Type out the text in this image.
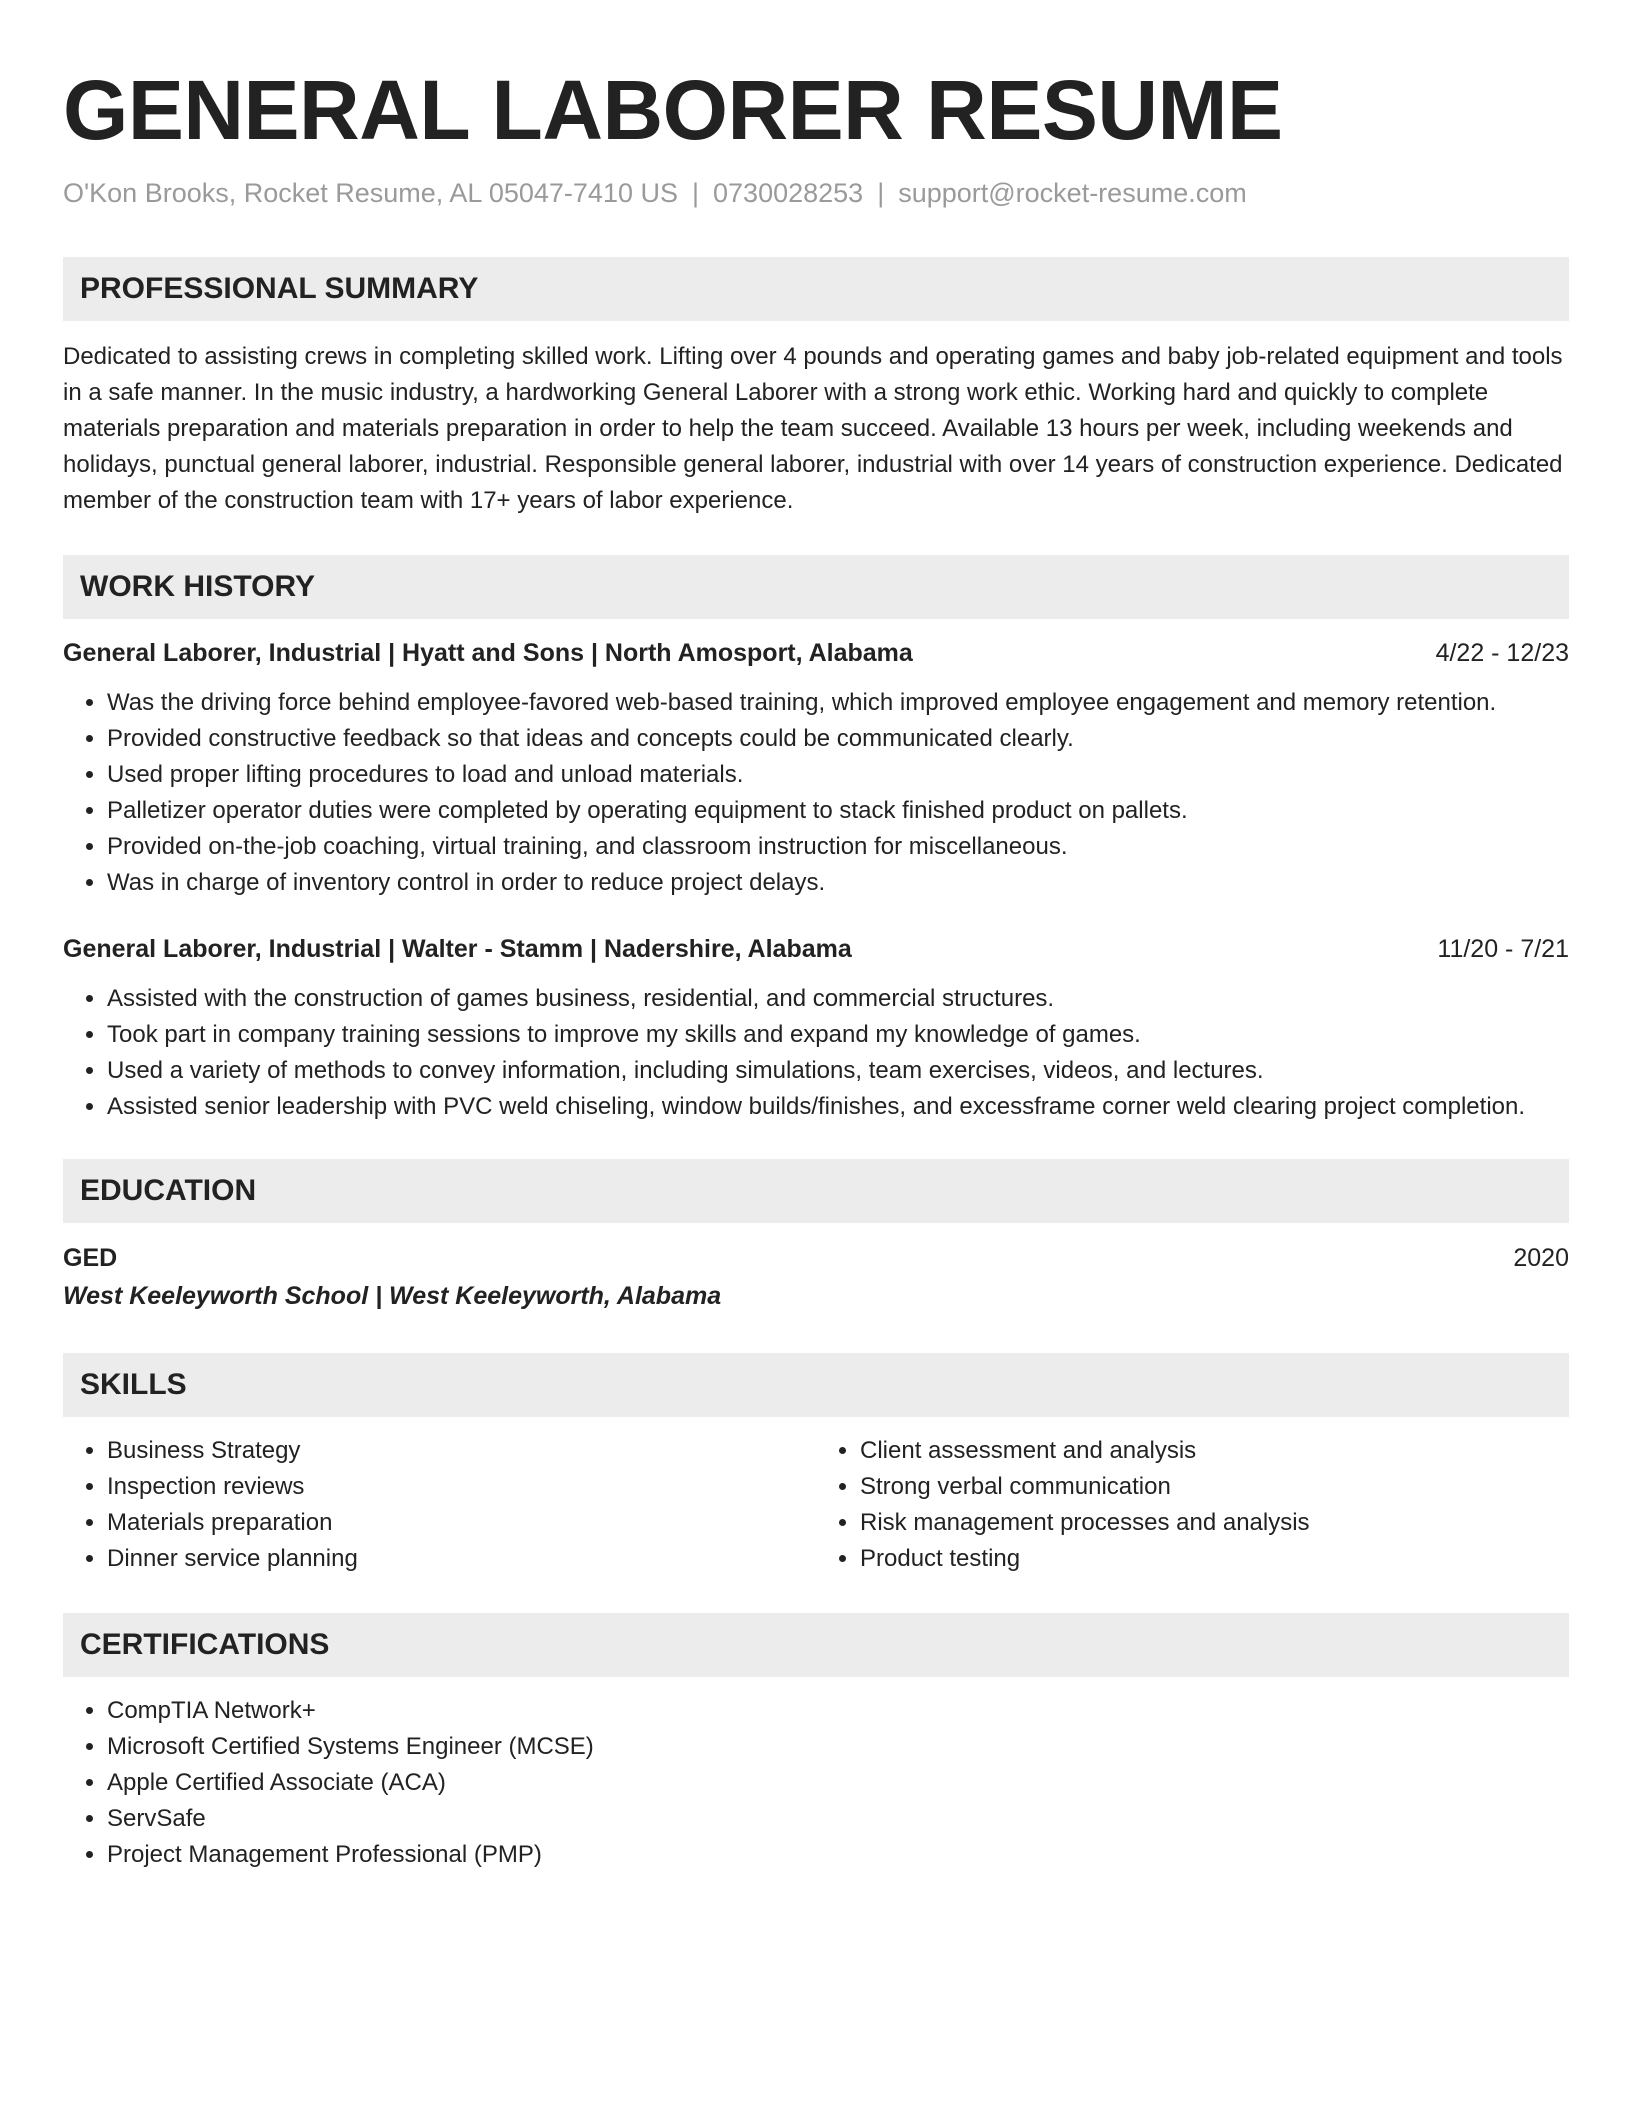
GENERAL LABORER RESUME
O'Kon Brooks, Rocket Resume, AL 05047-7410 US | 0730028253 | support@rocket-resume.com
PROFESSIONAL SUMMARY
Dedicated to assisting crews in completing skilled work. Lifting over 4 pounds and operating games and baby job-related equipment and tools in a safe manner. In the music industry, a hardworking General Laborer with a strong work ethic. Working hard and quickly to complete materials preparation and materials preparation in order to help the team succeed. Available 13 hours per week, including weekends and holidays, punctual general laborer, industrial. Responsible general laborer, industrial with over 14 years of construction experience. Dedicated member of the construction team with 17+ years of labor experience.
WORK HISTORY
General Laborer, Industrial | Hyatt and Sons | North Amosport, Alabama	4/22 - 12/23
• Was the driving force behind employee-favored web-based training, which improved employee engagement and memory retention.
• Provided constructive feedback so that ideas and concepts could be communicated clearly.
• Used proper lifting procedures to load and unload materials.
• Palletizer operator duties were completed by operating equipment to stack finished product on pallets.
• Provided on-the-job coaching, virtual training, and classroom instruction for miscellaneous.
• Was in charge of inventory control in order to reduce project delays.
General Laborer, Industrial | Walter - Stamm | Nadershire, Alabama	11/20 - 7/21
• Assisted with the construction of games business, residential, and commercial structures.
• Took part in company training sessions to improve my skills and expand my knowledge of games.
• Used a variety of methods to convey information, including simulations, team exercises, videos, and lectures.
• Assisted senior leadership with PVC weld chiseling, window builds/finishes, and excessframe corner weld clearing project completion.
EDUCATION
GED	2020
West Keeleyworth School | West Keeleyworth, Alabama
SKILLS
• Business Strategy
• Inspection reviews
• Materials preparation
• Dinner service planning
• Client assessment and analysis
• Strong verbal communication
• Risk management processes and analysis
• Product testing
CERTIFICATIONS
• CompTIA Network+
• Microsoft Certified Systems Engineer (MCSE)
• Apple Certified Associate (ACA)
• ServSafe
• Project Management Professional (PMP)
